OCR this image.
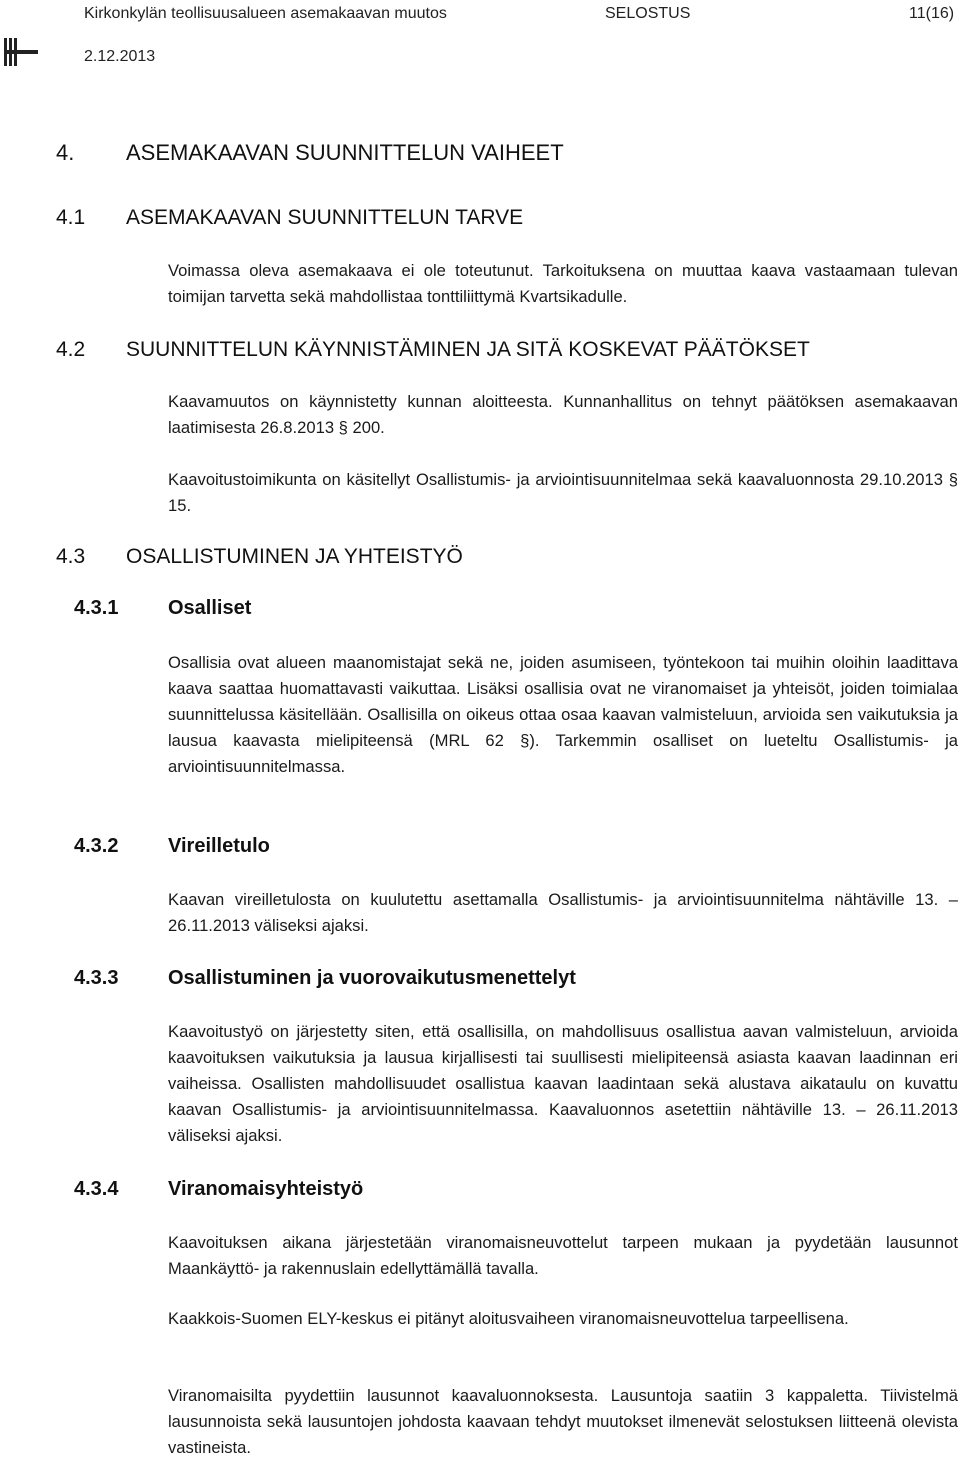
Kirkonkylän teollisuusalueen asemakaavan muutos	SELOSTUS	11(16)
2.12.2013
4. ASEMAKAAVAN SUUNNITTELUN VAIHEET
4.1 ASEMAKAAVAN SUUNNITTELUN TARVE
Voimassa oleva asemakaava ei ole toteutunut. Tarkoituksena on muuttaa kaava vastaamaan tulevan toimijan tarvetta sekä mahdollistaa tonttiliittymä Kvartsikadulle.
4.2 SUUNNITTELUN KÄYNNISTÄMINEN JA SITÄ KOSKEVAT PÄÄTÖKSET
Kaavamuutos on käynnistetty kunnan aloitteesta. Kunnanhallitus on tehnyt päätöksen asemakaavan laatimisesta 26.8.2013 § 200.
Kaavoitustoimikunta on käsitellyt Osallistumis- ja arviointisuunnitelmaa sekä kaavaluonnosta 29.10.2013 § 15.
4.3 OSALLISTUMINEN JA YHTEISTYÖ
4.3.1 Osalliset
Osallisia ovat alueen maanomistajat sekä ne, joiden asumiseen, työntekoon tai muihin oloihin laadittava kaava saattaa huomattavasti vaikuttaa. Lisäksi osallisia ovat ne viranomaiset ja yhteisöt, joiden toimialaa suunnittelussa käsitellään. Osallisilla on oikeus ottaa osaa kaavan valmisteluun, arvioida sen vaikutuksia ja lausua kaavasta mielipiteensä (MRL 62 §). Tarkemmin osalliset on lueteltu Osallistumis- ja arviointisuunnitelmassa.
4.3.2 Vireilletulo
Kaavan vireilletulosta on kuulutettu asettamalla Osallistumis- ja arviointisuunnitelma nähtäville 13. – 26.11.2013 väliseksi ajaksi.
4.3.3 Osallistuminen ja vuorovaikutusmenettelyt
Kaavoitustyö on järjestetty siten, että osallisilla, on mahdollisuus osallistua aavan valmisteluun, arvioida kaavoituksen vaikutuksia ja lausua kirjallisesti tai suullisesti mielipiteensä asiasta kaavan laadinnan eri vaiheissa. Osallisten mahdollisuudet osallistua kaavan laadintaan sekä alustava aikataulu on kuvattu kaavan Osallistumis- ja arviointisuunnitelmassa. Kaavaluonnos asetettiin nähtäville 13. – 26.11.2013 väliseksi ajaksi.
4.3.4 Viranomaisyhteistyö
Kaavoituksen aikana järjestetään viranomaisneuvottelut tarpeen mukaan ja pyydetään lausunnot Maankäyttö- ja rakennuslain edellyttämällä tavalla.
Kaakkois-Suomen ELY-keskus ei pitänyt aloitusvaiheen viranomaisneuvottelua tarpeellisena.
Viranomaisilta pyydettiin lausunnot kaavaluonnoksesta. Lausuntoja saatiin 3 kappaletta. Tiivistelmä lausunnoista sekä lausuntojen johdosta kaavaan tehdyt muutokset ilmenevät selostuksen liitteenä olevista vastineista.
